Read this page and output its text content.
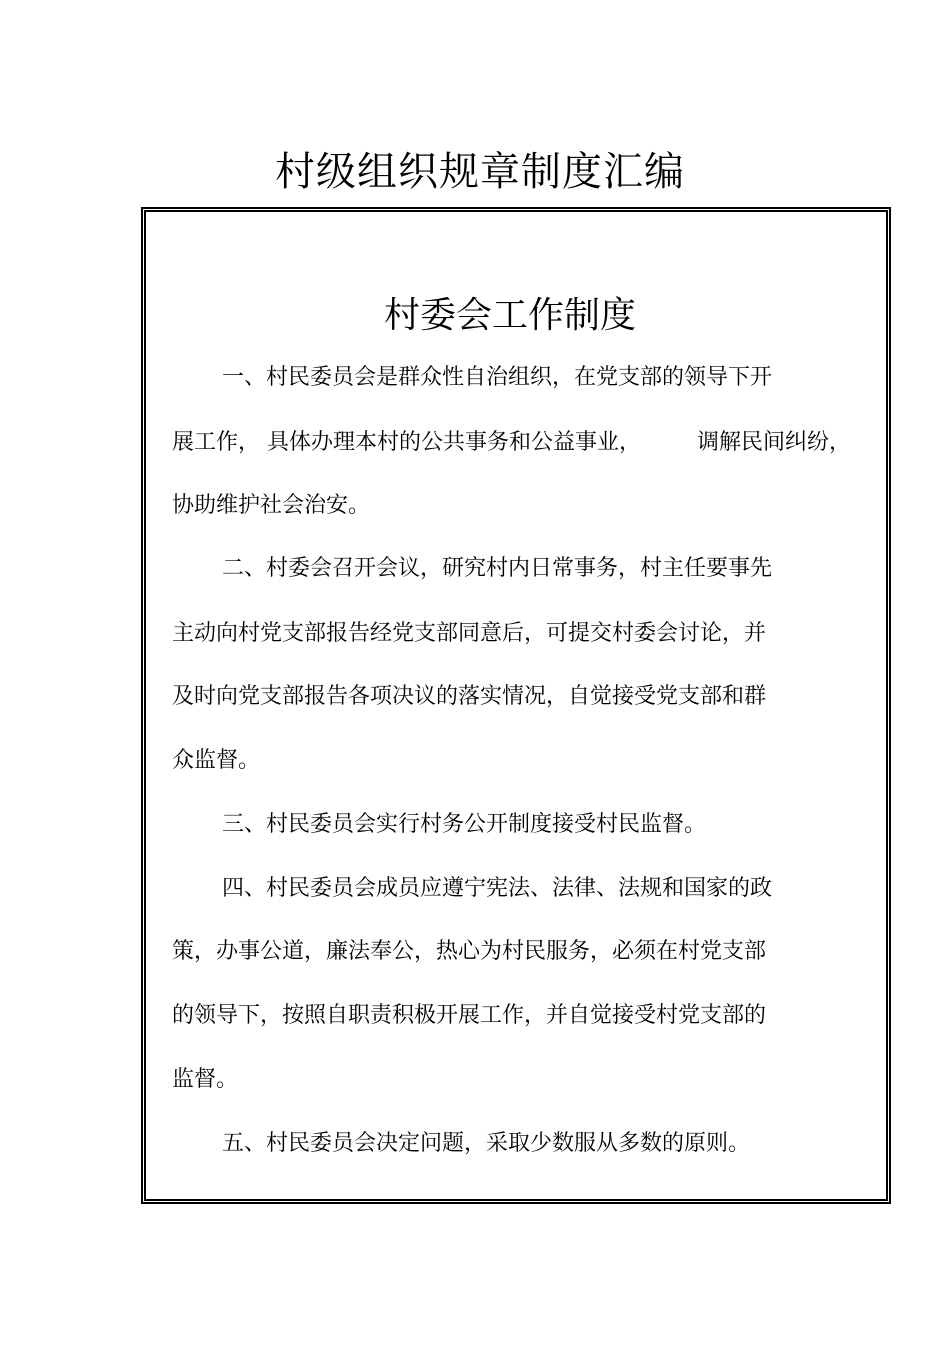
村级组织规章制度汇编
村委会工作制度
一、村民委员会是群众性自治组织，在党支部的领导下开
展工作， 具体办理本村的公共事务和公益事业，	调解民间纠纷，
协助维护社会治安。
二、村委会召开会议，研究村内日常事务，村主任要事先
主动向村党支部报告经党支部同意后，可提交村委会讨论，并
及时向党支部报告各项决议的落实情况，自觉接受党支部和群
众监督。
三、村民委员会实行村务公开制度接受村民监督。
四、村民委员会成员应遵宁宪法、法律、法规和国家的政
策，办事公道，廉法奉公，热心为村民服务，必须在村党支部
的领导下，按照自职责积极开展工作，并自觉接受村党支部的
监督。
五、村民委员会决定问题，采取少数服从多数的原则。
